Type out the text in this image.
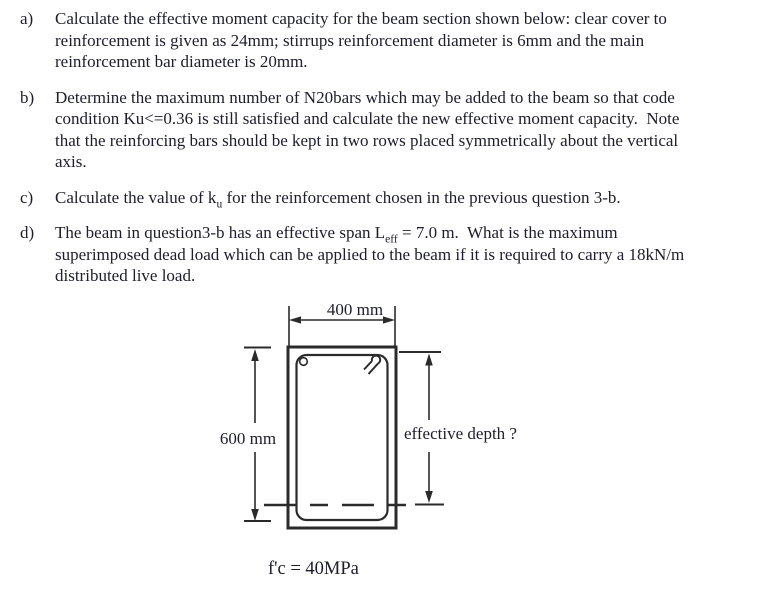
a)	Calculate the effective moment capacity for the beam section shown below: clear cover to
reinforcement is given as 24mm; stirrups reinforcement diameter is 6mm and the main
reinforcement bar diameter is 20mm.
b)	Determine the maximum number of N20bars which may be added to the beam so that code
condition Ku<=0.36 is still satisfied and calculate the new effective moment capacity.  Note
that the reinforcing bars should be kept in two rows placed symmetrically about the vertical
axis.
c)	Calculate the value of $k_u$ for the reinforcement chosen in the previous question 3-b.
d)	The beam in question3-b has an effective span $L_{eff} = 7.0$ m.  What is the maximum
superimposed dead load which can be applied to the beam if it is required to carry a 18kN/m
distributed live load.
400 mm
600 mm	effective depth ?
f'c = 40MPa
